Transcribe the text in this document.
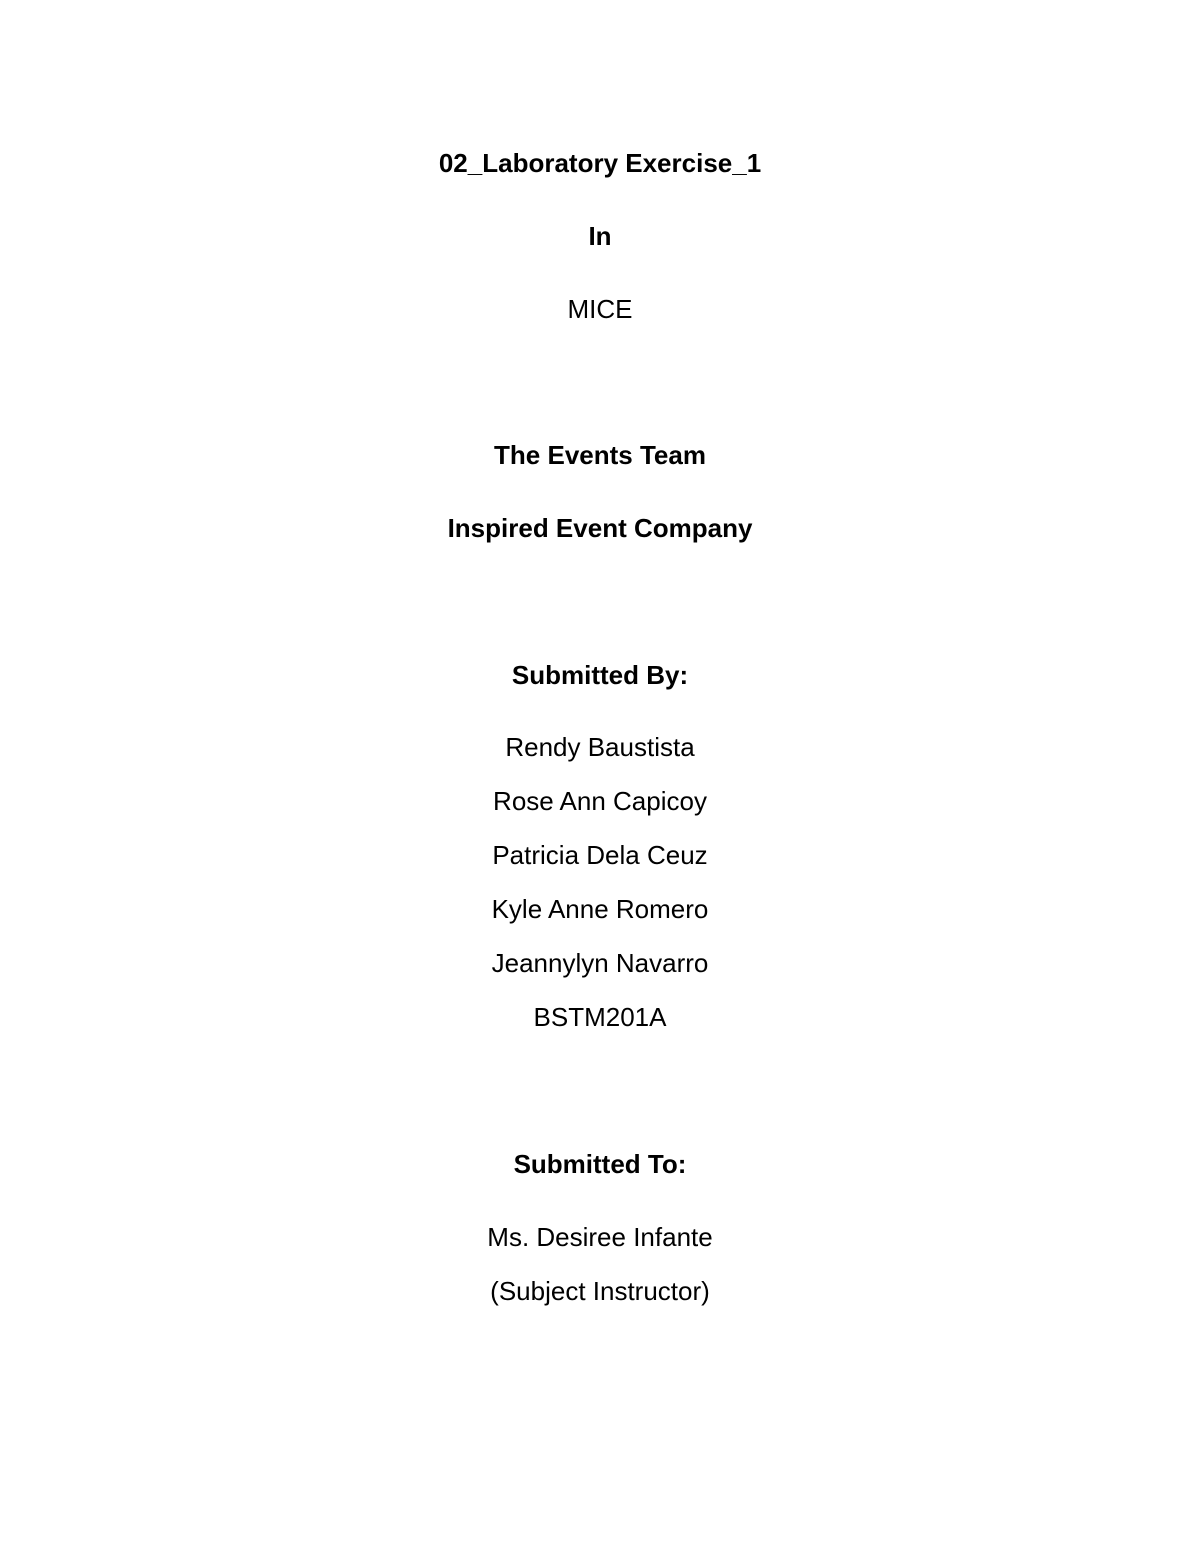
02_Laboratory Exercise_1
In
MICE
The Events Team
Inspired Event Company
Submitted By:
Rendy Baustista
Rose Ann Capicoy
Patricia Dela Ceuz
Kyle Anne Romero
Jeannylyn Navarro
BSTM201A
Submitted To:
Ms. Desiree Infante
(Subject Instructor)
